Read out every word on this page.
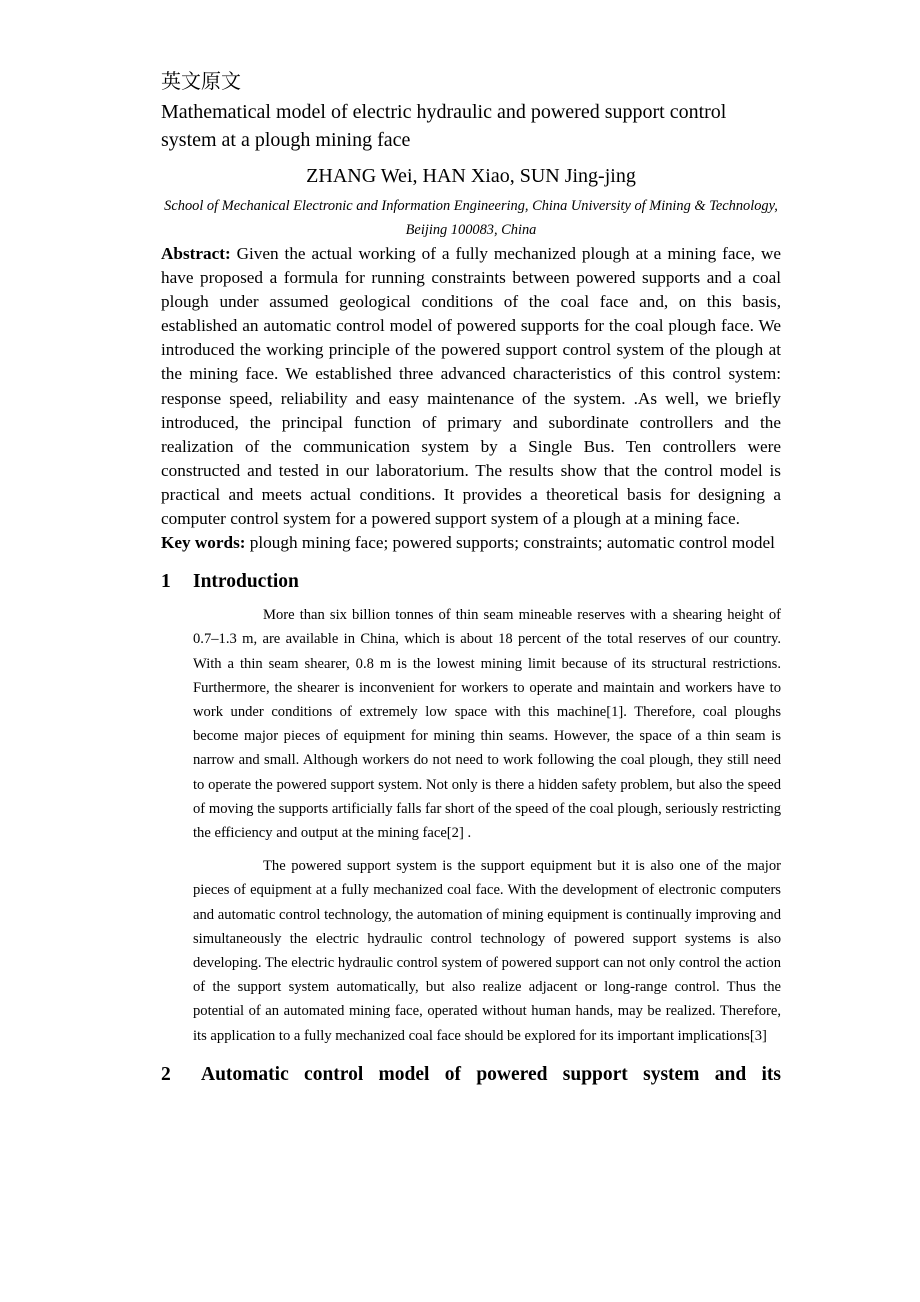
英文原文
Mathematical model of electric hydraulic and powered support control system at a plough mining face
ZHANG Wei, HAN Xiao, SUN Jing-jing
School of Mechanical Electronic and Information Engineering, China University of Mining & Technology, Beijing 100083, China

Abstract: Given the actual working of a fully mechanized plough at a mining face, we have proposed a formula for running constraints between powered supports and a coal plough under assumed geological conditions of the coal face and, on this basis, established an automatic control model of powered supports for the coal plough face. We introduced the working principle of the powered support control system of the plough at the mining face. We established three advanced characteristics of this control system: response speed, reliability and easy maintenance of the system. .As well, we briefly introduced, the principal function of primary and subordinate controllers and the realization of the communication system by a Single Bus. Ten controllers were constructed and tested in our laboratorium. The results show that the control model is practical and meets actual conditions. It provides a theoretical basis for designing a computer control system for a powered support system of a plough at a mining face.

Key words: plough mining face; powered supports; constraints; automatic control model

1 Introduction

More than six billion tonnes of thin seam mineable reserves with a shearing height of 0.7–1.3 m, are available in China, which is about 18 percent of the total reserves of our country. With a thin seam shearer, 0.8 m is the lowest mining limit because of its structural restrictions. Furthermore, the shearer is inconvenient for workers to operate and maintain and workers have to work under conditions of extremely low space with this machine[1]. Therefore, coal ploughs become major pieces of equipment for mining thin seams. However, the space of a thin seam is narrow and small. Although workers do not need to work following the coal plough, they still need to operate the powered support system. Not only is there a hidden safety problem, but also the speed of moving the supports artificially falls far short of the speed of the coal plough, seriously restricting the efficiency and output at the mining face[2] .

The powered support system is the support equipment but it is also one of the major pieces of equipment at a fully mechanized coal face. With the development of electronic computers and automatic control technology, the automation of mining equipment is continually improving and simultaneously the electric hydraulic control technology of powered support systems is also developing. The electric hydraulic control system of powered support can not only control the action of the support system automatically, but also realize adjacent or long-range control. Thus the potential of an automated mining face, operated without human hands, may be realized. Therefore, its application to a fully mechanized coal face should be explored for its important implications[3]

2 Automatic control model of powered support system and its
